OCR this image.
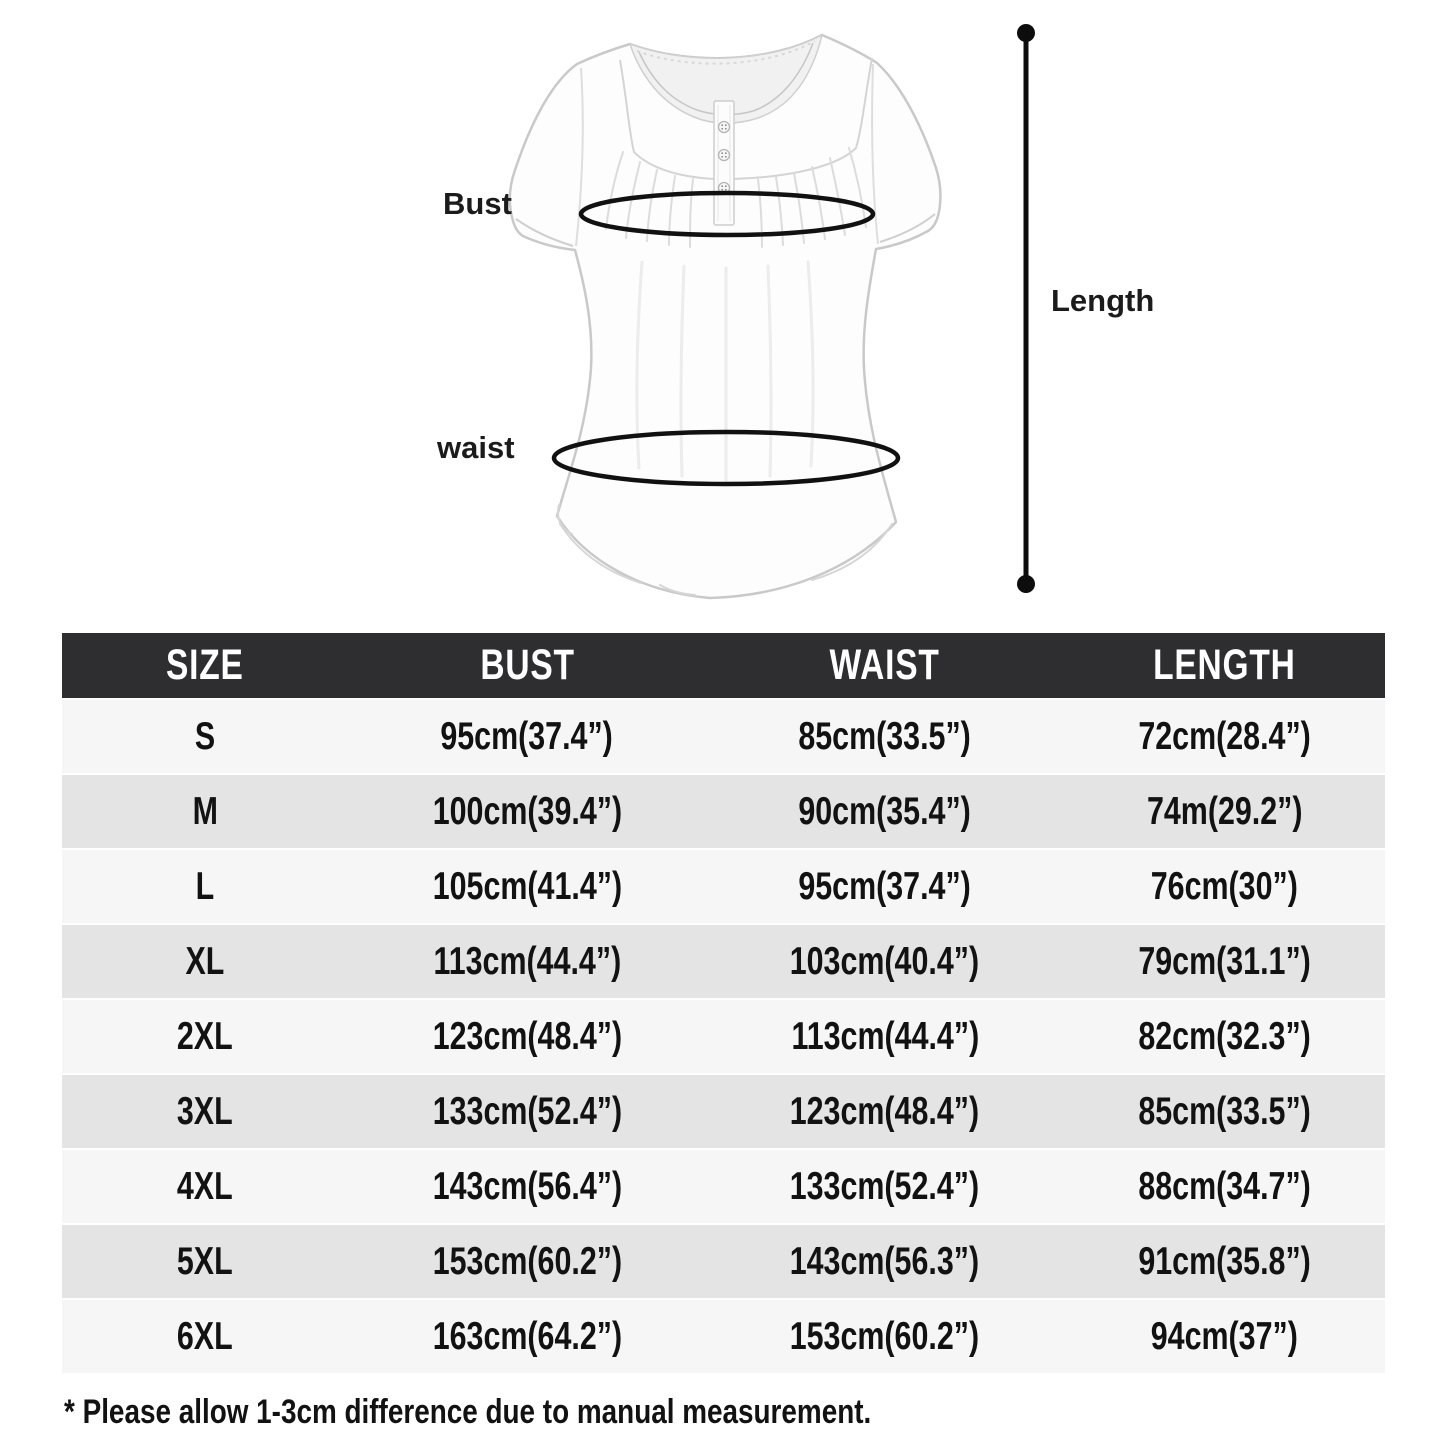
Bust
waist
Length
SIZE	BUST	WAIST	LENGTH
S	95cm(37.4”)	85cm(33.5”)	72cm(28.4”)
M	100cm(39.4”)	90cm(35.4”)	74m(29.2”)
L	105cm(41.4”)	95cm(37.4”)	76cm(30”)
XL	113cm(44.4”)	103cm(40.4”)	79cm(31.1”)
2XL	123cm(48.4”)	113cm(44.4”)	82cm(32.3”)
3XL	133cm(52.4”)	123cm(48.4”)	85cm(33.5”)
4XL	143cm(56.4”)	133cm(52.4”)	88cm(34.7”)
5XL	153cm(60.2”)	143cm(56.3”)	91cm(35.8”)
6XL	163cm(64.2”)	153cm(60.2”)	94cm(37”)
* Please allow 1-3cm difference due to manual measurement.
